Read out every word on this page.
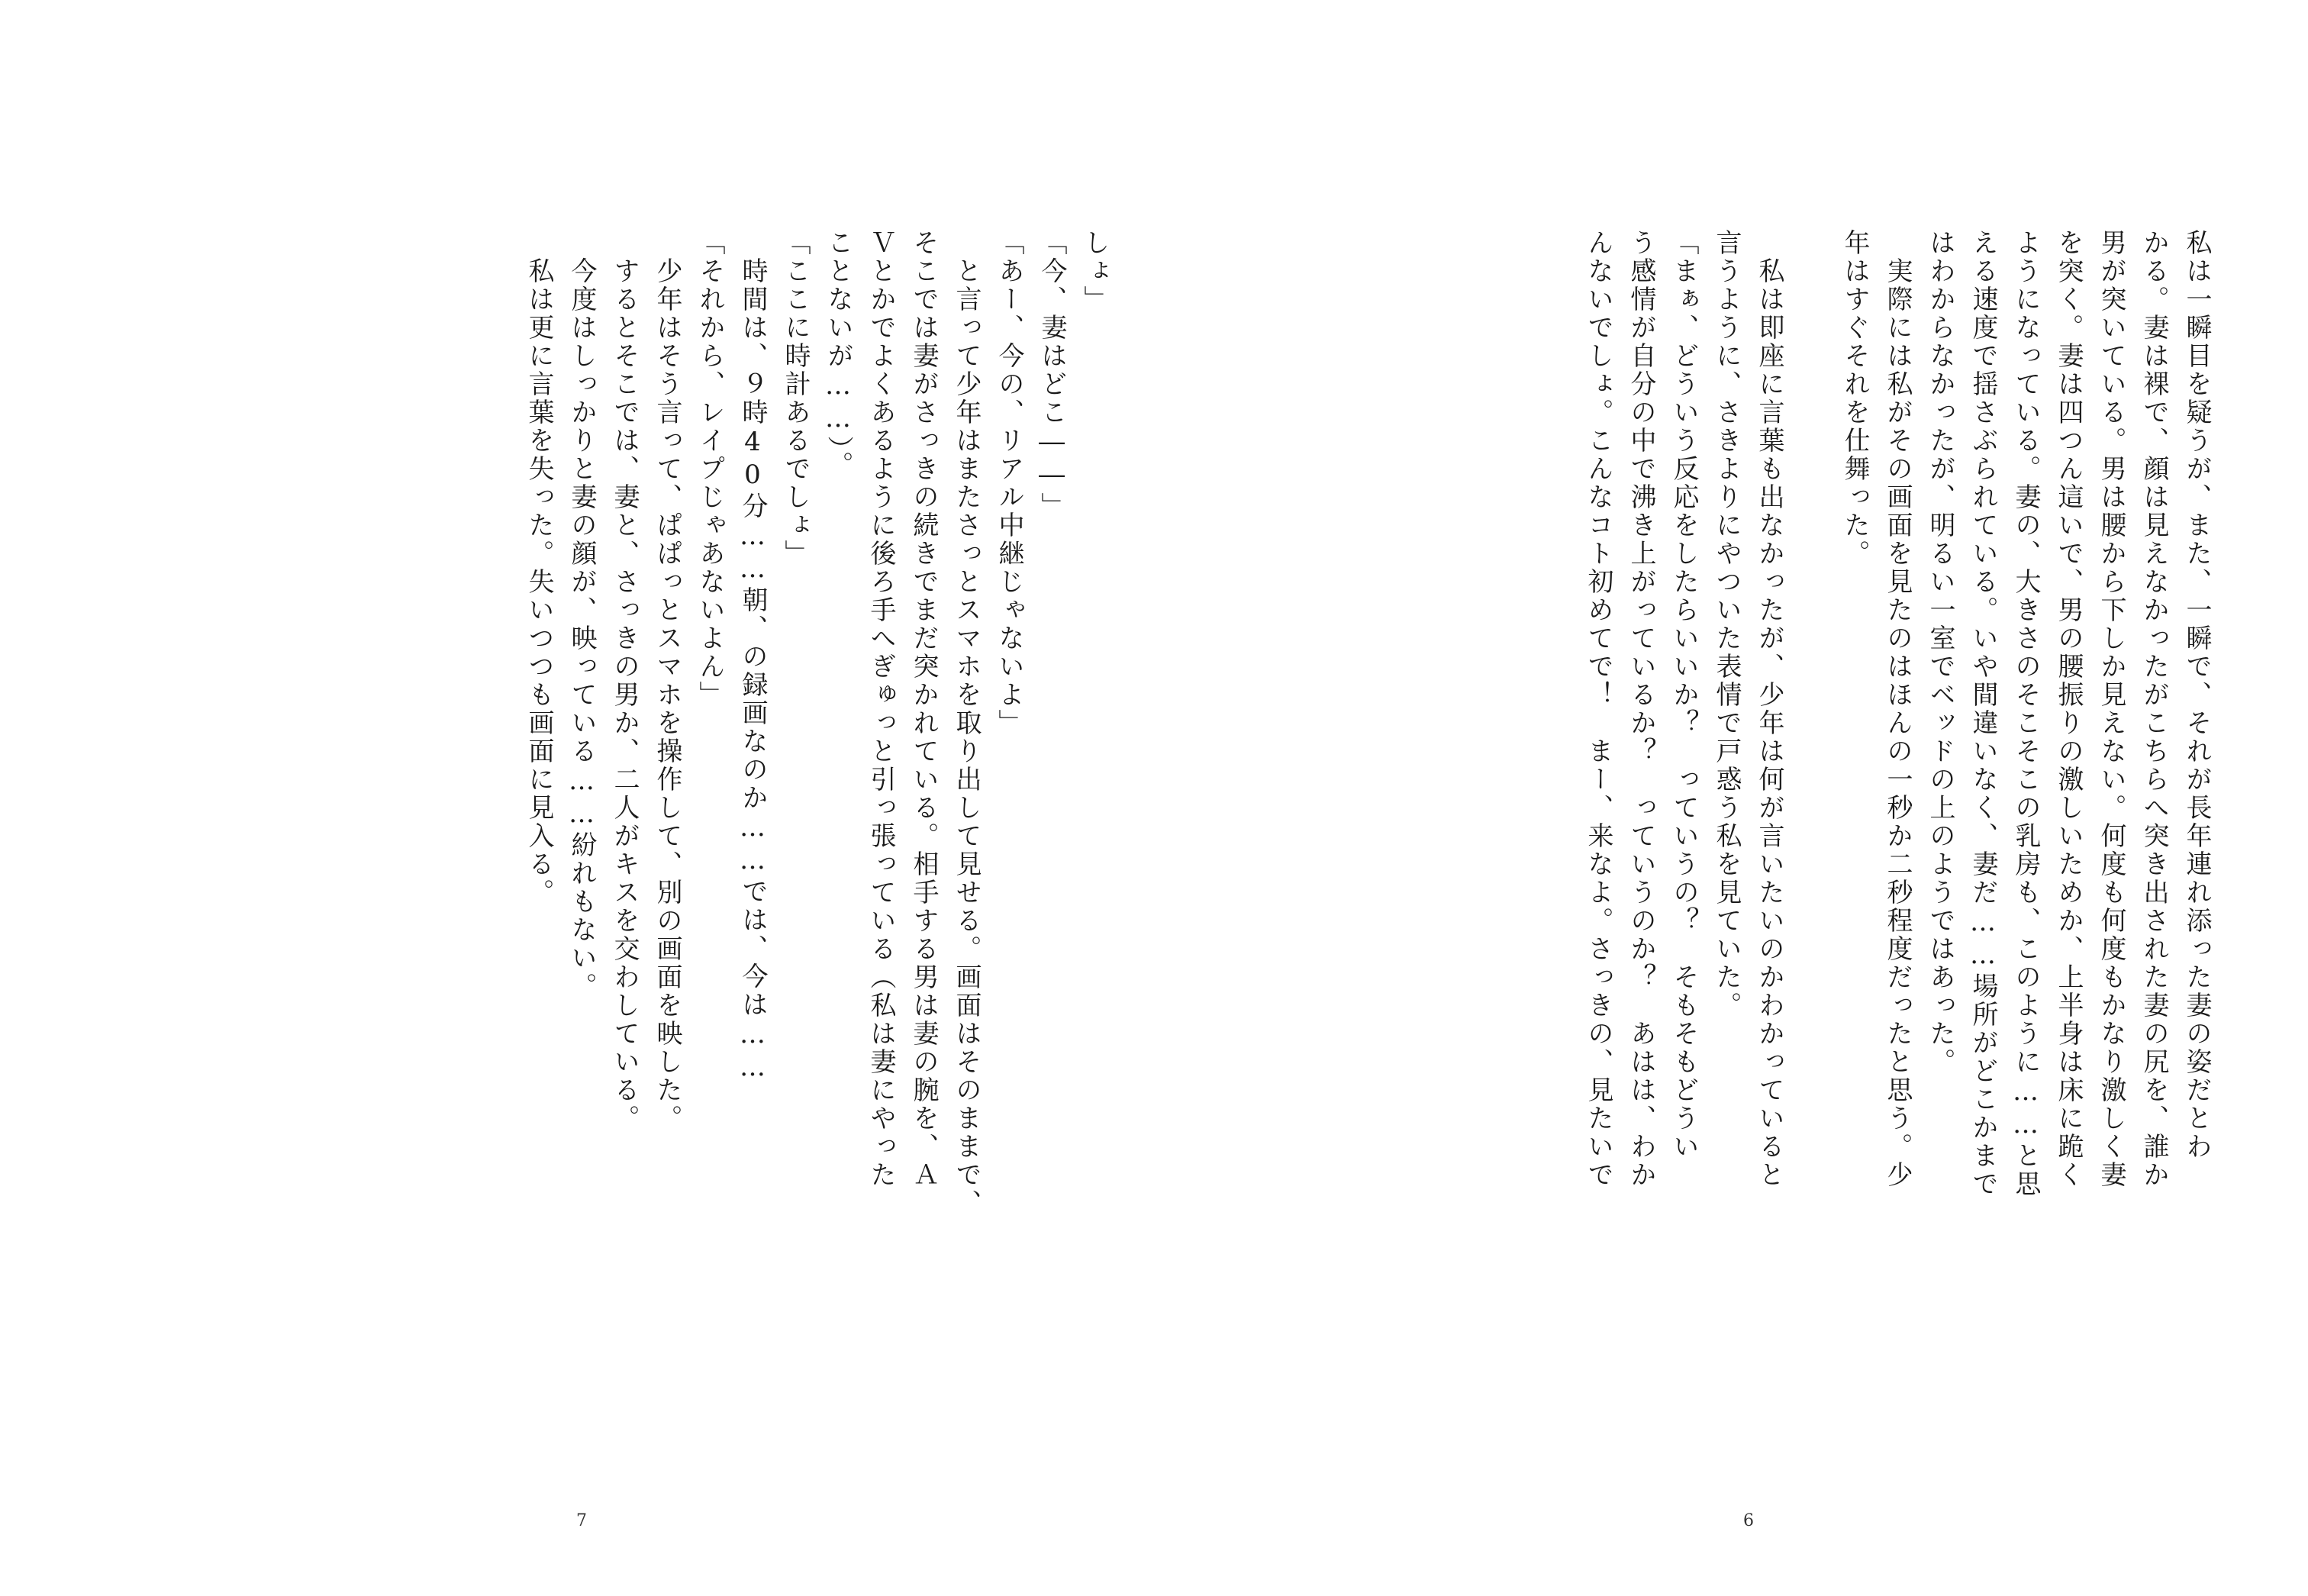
しょ」
「今、妻はどこ――」
「あー、今の、リアル中継じゃないよ」
　と言って少年はまたさっとスマホを取り出して見せる。画面はそのままで、
そこでは妻がさっきの続きでまだ突かれている。相手する男は妻の腕を、Ａ
Ｖとかでよくあるように後ろ手へぎゅっと引っ張っている（私は妻にやった
ことないが……）。
「ここに時計あるでしょ」
　時間は、９時40分……朝、の録画なのか……では、今は……
「それから、レイプじゃあないよん」
　少年はそう言って、ぱぱっとスマホを操作して、別の画面を映した。
　するとそこでは、妻と、さっきの男か、二人がキスを交わしている。
　今度はしっかりと妻の顔が、映っている……紛れもない。
　私は更に言葉を失った。失いつつも画面に見入る。
7
私は一瞬目を疑うが、また、一瞬で、それが長年連れ添った妻の姿だとわ
かる。妻は裸で、顔は見えなかったがこちらへ突き出された妻の尻を、誰か
男が突いている。男は腰から下しか見えない。何度も何度もかなり激しく妻
を突く。妻は四つん這いで、男の腰振りの激しいためか、上半身は床に跪く
ようになっている。妻の、大きさのそこそこの乳房も、このように……と思
える速度で揺さぶられている。いや間違いなく、妻だ……場所がどこかまで
はわからなかったが、明るい一室でベッドの上のようではあった。
　実際には私がその画面を見たのはほんの一秒か二秒程度だったと思う。少
年はすぐそれを仕舞った。
　私は即座に言葉も出なかったが、少年は何が言いたいのかわかっていると
言うように、さきよりにやついた表情で戸惑う私を見ていた。
「まぁ、どういう反応をしたらいいか？　っていうの？　そもそもどうい
う感情が自分の中で沸き上がっているか？　っていうのか？　あはは、わか
んないでしょ。こんなコト初めてで！　まー、来なよ。さっきの、見たいで
6
